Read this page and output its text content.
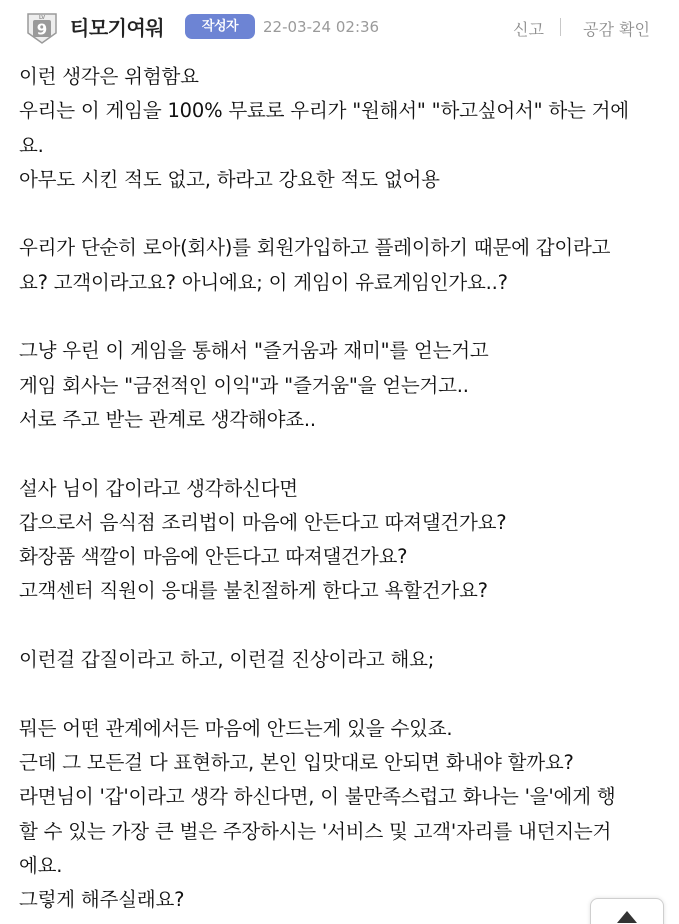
LV
9 티모기여워	작성자	22-03-24 02:36	신고 공감 확인
이런 생각은 위험함요
우리는 이 게임을 100% 무료로 우리가 "원해서" "하고싶어서" 하는 거에
요.
아무도 시킨 적도 없고, 하라고 강요한 적도 없어용
우리가 단순히 로아(회사)를 회원가입하고 플레이하기 때문에 갑이라고
요? 고객이라고요? 아니에요; 이 게임이 유료게임인가요..?
그냥 우린 이 게임을 통해서 "즐거움과 재미"를 얻는거고
게임 회사는 "금전적인 이익"과 "즐거움"을 얻는거고..
서로 주고 받는 관계로 생각해야죠..
설사 님이 갑이라고 생각하신다면
갑으로서 음식점 조리법이 마음에 안든다고 따져댈건가요?
화장품 색깔이 마음에 안든다고 따져댈건가요?
고객센터 직원이 응대를 불친절하게 한다고 욕할건가요?
이런걸 갑질이라고 하고, 이런걸 진상이라고 해요;
뭐든 어떤 관계에서든 마음에 안드는게 있을 수있죠.
근데 그 모든걸 다 표현하고, 본인 입맛대로 안되면 화내야 할까요?
라면님이 '갑'이라고 생각 하신다면, 이 불만족스럽고 화나는 '을'에게 행
할 수 있는 가장 큰 벌은 주장하시는 '서비스 및 고객'자리를 내던지는거
에요.
그렇게 해주실래요?
